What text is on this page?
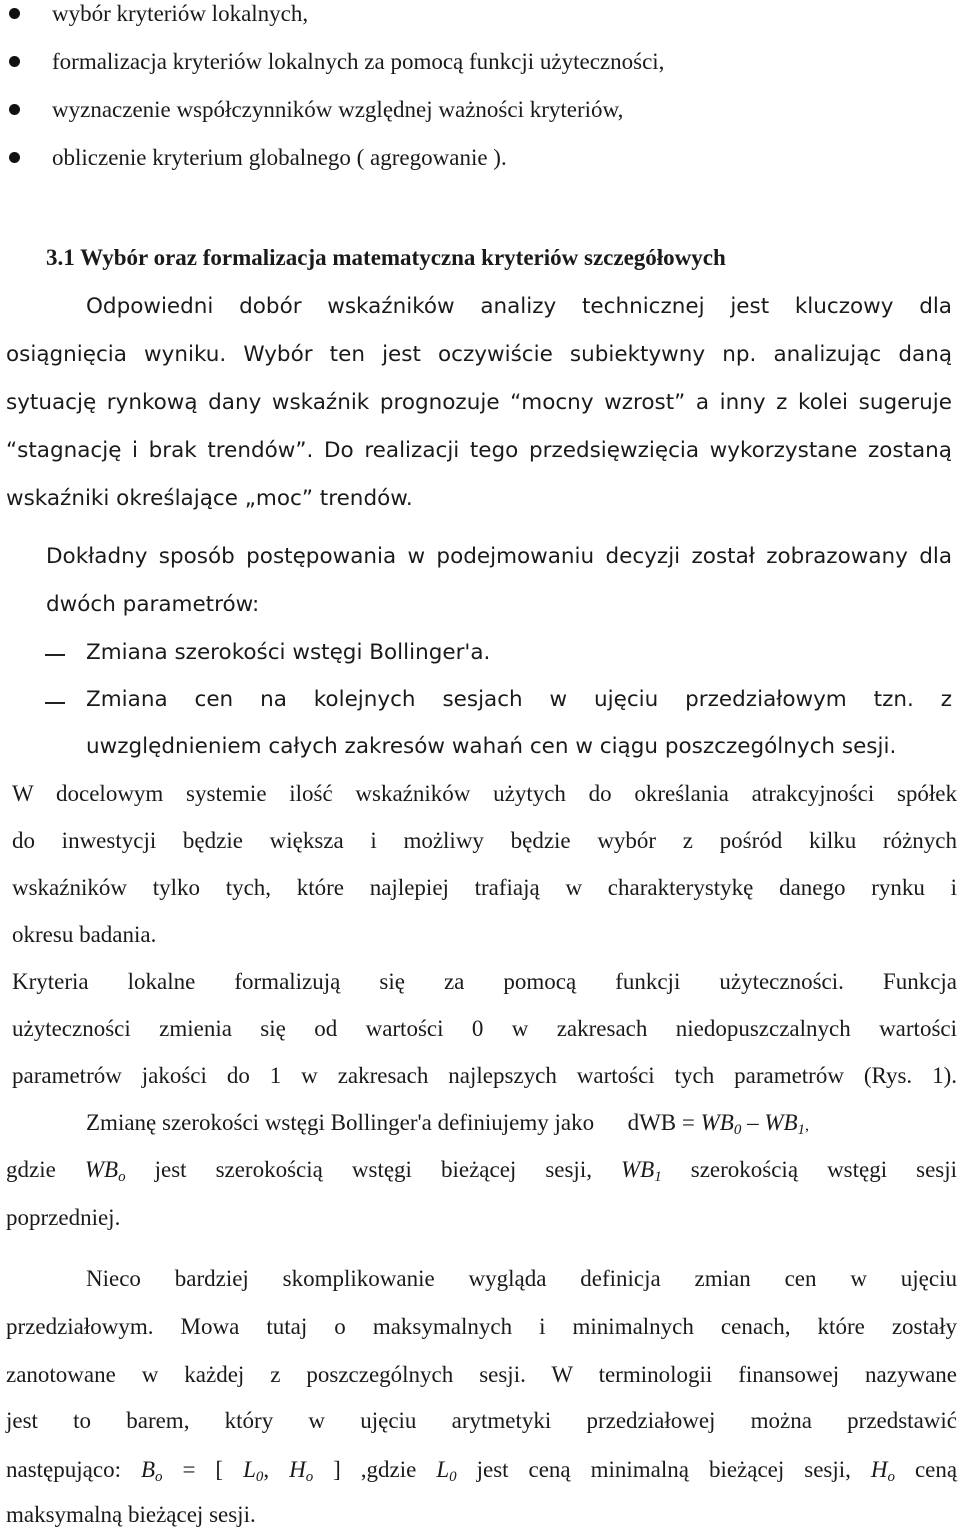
wybór kryteriów lokalnych,
formalizacja kryteriów lokalnych za pomocą funkcji użyteczności,
wyznaczenie współczynników względnej ważności kryteriów,
obliczenie kryterium globalnego ( agregowanie ).
3.1 Wybór oraz formalizacja matematyczna kryteriów szczegółowych
Odpowiedni dobór wskaźników analizy technicznej jest kluczowy dla
osiągnięcia wyniku. Wybór ten jest oczywiście subiektywny np. analizując daną
sytuację rynkową dany wskaźnik prognozuje “mocny wzrost” a inny z kolei sugeruje
“stagnację i brak trendów”. Do realizacji tego przedsięwzięcia wykorzystane zostaną
wskaźniki określające „moc” trendów.
Dokładny sposób postępowania w podejmowaniu decyzji został zobrazowany dla
dwóch parametrów:
Zmiana szerokości wstęgi Bollinger'a.
Zmiana cen na kolejnych sesjach w ujęciu przedziałowym tzn. z
uwzględnieniem całych zakresów wahań cen w ciągu poszczególnych sesji.
W docelowym systemie ilość wskaźników użytych do określania atrakcyjności spółek
do inwestycji będzie większa i możliwy będzie wybór z pośród kilku różnych
wskaźników tylko tych, które najlepiej trafiają w charakterystykę danego rynku i
okresu badania.
Kryteria lokalne formalizują się za pomocą funkcji użyteczności. Funkcja
użyteczności zmienia się od wartości 0 w zakresach niedopuszczalnych wartości
parametrów jakości do 1 w zakresach najlepszych wartości tych parametrów (Rys. 1).
Zmianę szerokości wstęgi Bollinger'a definiujemy jako dWB = $WB_0 - WB_1$,
gdzie $WB_o$ jest szerokością wstęgi bieżącej sesji, $WB_1$ szerokością wstęgi sesji
poprzedniej.
Nieco bardziej skomplikowanie wygląda definicja zmian cen w ujęciu
przedziałowym. Mowa tutaj o maksymalnych i minimalnych cenach, które zostały
zanotowane w każdej z poszczególnych sesji. W terminologii finansowej nazywane
jest to barem, który w ujęciu arytmetyki przedziałowej można przedstawić
następująco: $B_o$ = [ $L_0$, $H_o$ ] ,gdzie $L_0$ jest ceną minimalną bieżącej sesji, $H_o$ ceną
maksymalną bieżącej sesji.
